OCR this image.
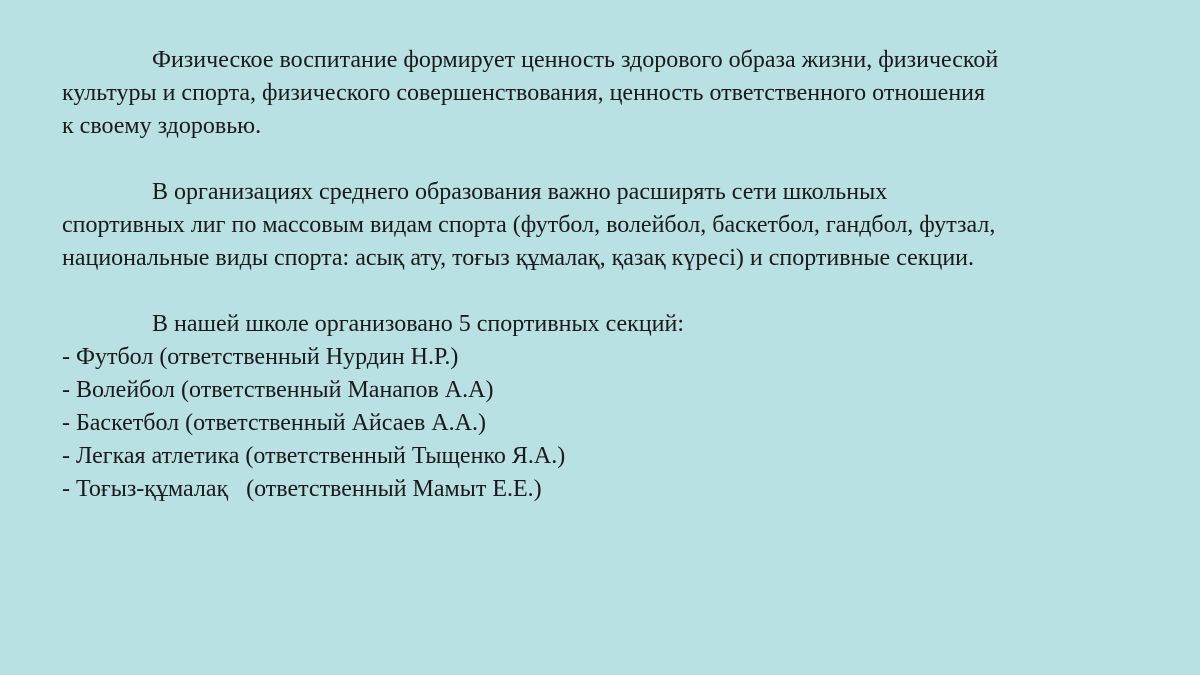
Физическое воспитание формирует ценность здорового образа жизни, физической
культуры и спорта, физического совершенствования, ценность ответственного отношения
к своему здоровью.

В организациях среднего образования важно расширять сети школьных
спортивных лиг по массовым видам спорта (футбол, волейбол, баскетбол, гандбол, футзал,
национальные виды спорта: асық ату, тоғыз құмалақ, қазақ күресі) и спортивные секции.

В нашей школе организовано 5 спортивных секций:

- Футбол (ответственный Нурдин Н.Р.)
- Волейбол (ответственный Манапов А.А)
- Баскетбол (ответственный Айсаев А.А.)
- Легкая атлетика (ответственный Тыщенко Я.А.)
- Тоғыз-құмалақ   (ответственный Мамыт Е.Е.)
